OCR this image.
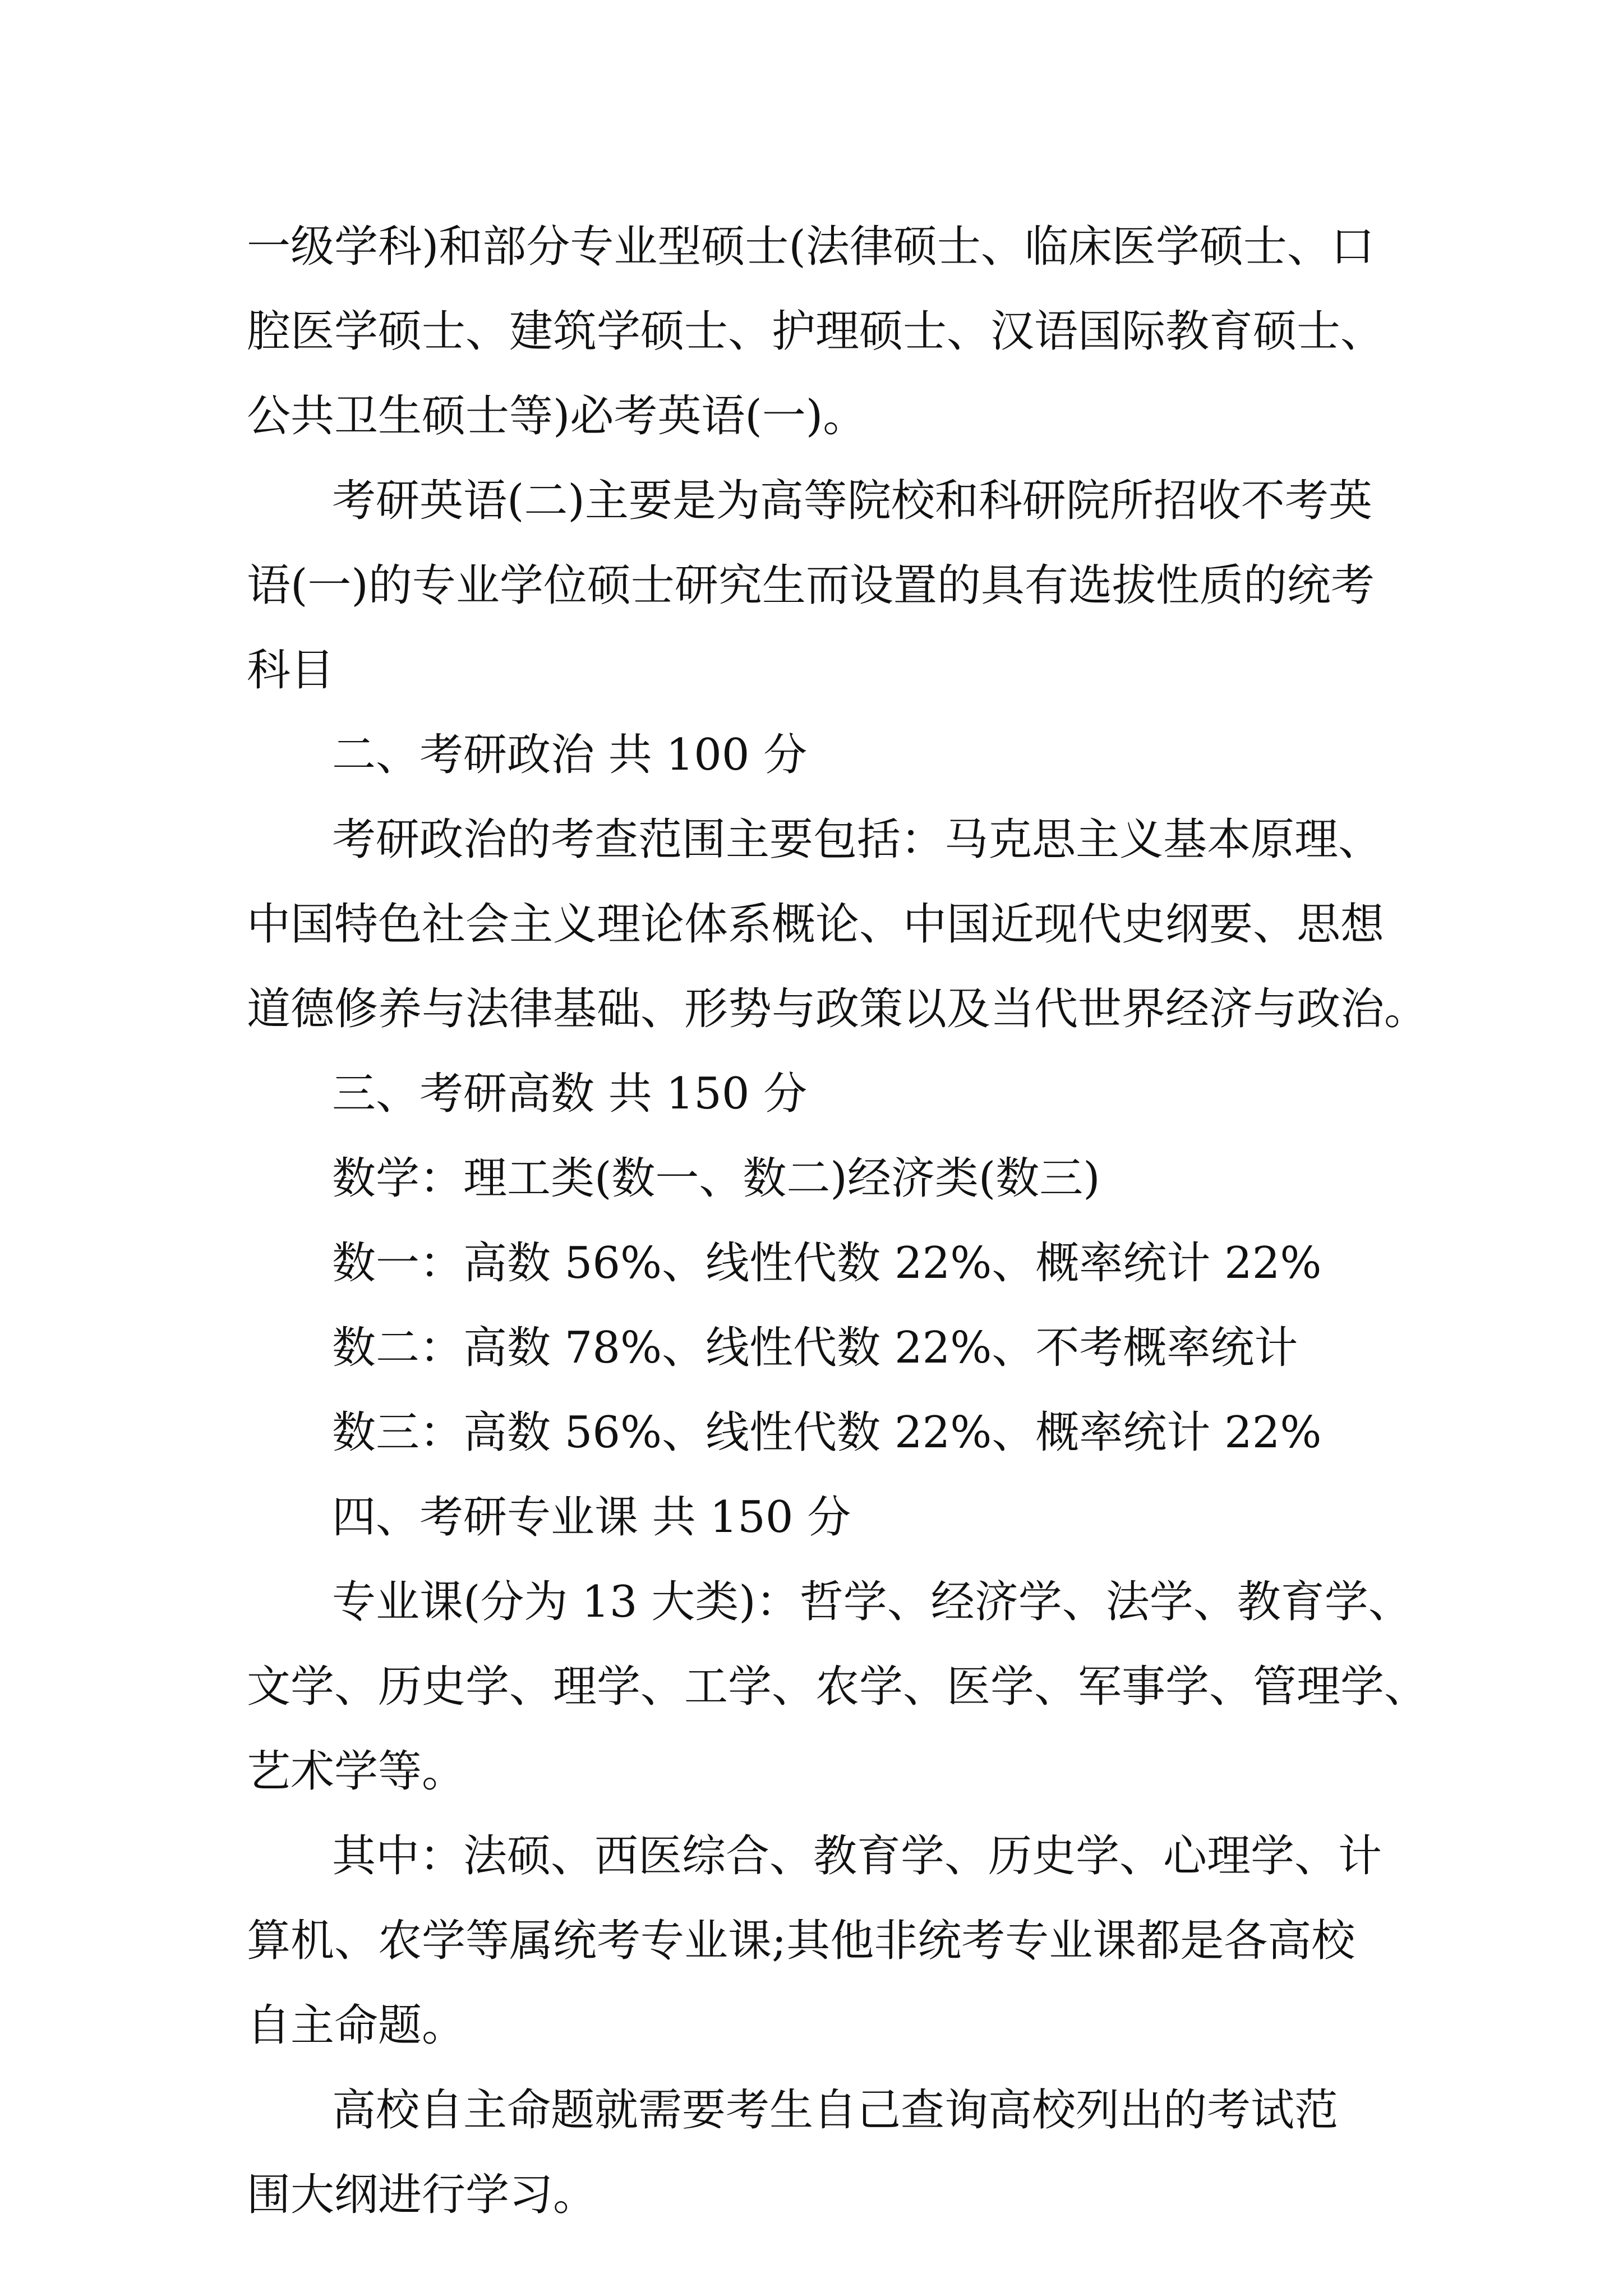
一级学科)和部分专业型硕士(法律硕士、临床医学硕士、口
腔医学硕士、建筑学硕士、护理硕士、汉语国际教育硕士、
公共卫生硕士等)必考英语(一)。

考研英语(二)主要是为高等院校和科研院所招收不考英
语(一)的专业学位硕士研究生而设置的具有选拔性质的统考
科目

二、考研政治 共 100 分

考研政治的考查范围主要包括：马克思主义基本原理、
中国特色社会主义理论体系概论、中国近现代史纲要、思想
道德修养与法律基础、形势与政策以及当代世界经济与政治。

三、考研高数 共 150 分

数学：理工类(数一、数二)经济类(数三)

数一：高数 56%、线性代数 22%、概率统计 22%

数二：高数 78%、线性代数 22%、不考概率统计

数三：高数 56%、线性代数 22%、概率统计 22%

四、考研专业课 共 150 分

专业课(分为 13 大类)：哲学、经济学、法学、教育学、
文学、历史学、理学、工学、农学、医学、军事学、管理学、
艺术学等。

其中：法硕、西医综合、教育学、历史学、心理学、计
算机、农学等属统考专业课;其他非统考专业课都是各高校
自主命题。

高校自主命题就需要考生自己查询高校列出的考试范
围大纲进行学习。
